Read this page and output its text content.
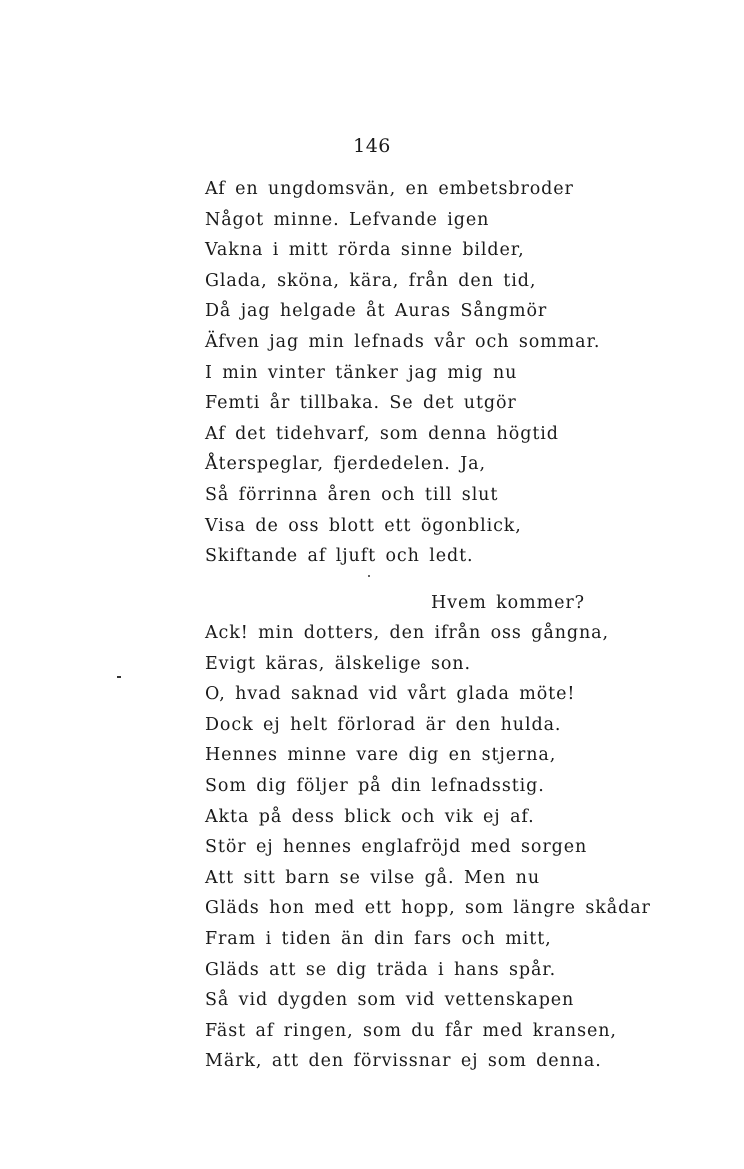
146
Af en ungdomsvän, en embetsbroder
Något minne. Lefvande igen
Vakna i mitt rörda sinne bilder,
Glada, sköna, kära, från den tid,
Då jag helgade åt Auras Sångmör
Äfven jag min lefnads vår och sommar.
I min vinter tänker jag mig nu
Femti år tillbaka. Se det utgör
Af det tidehvarf, som denna högtid
Återspeglar, fjerdedelen. Ja,
Så förrinna åren och till slut
Visa de oss blott ett ögonblick,
Skiftande af ljuft och ledt.
Hvem kommer?
Ack! min dotters, den ifrån oss gångna,
Evigt käras, älskelige son.
O, hvad saknad vid vårt glada möte!
Dock ej helt förlorad är den hulda.
Hennes minne vare dig en stjerna,
Som dig följer på din lefnadsstig.
Akta på dess blick och vik ej af.
Stör ej hennes englafröjd med sorgen
Att sitt barn se vilse gå. Men nu
Gläds hon med ett hopp, som längre skådar
Fram i tiden än din fars och mitt,
Gläds att se dig träda i hans spår.
Så vid dygden som vid vettenskapen
Fäst af ringen, som du får med kransen,
Märk, att den förvissnar ej som denna.
